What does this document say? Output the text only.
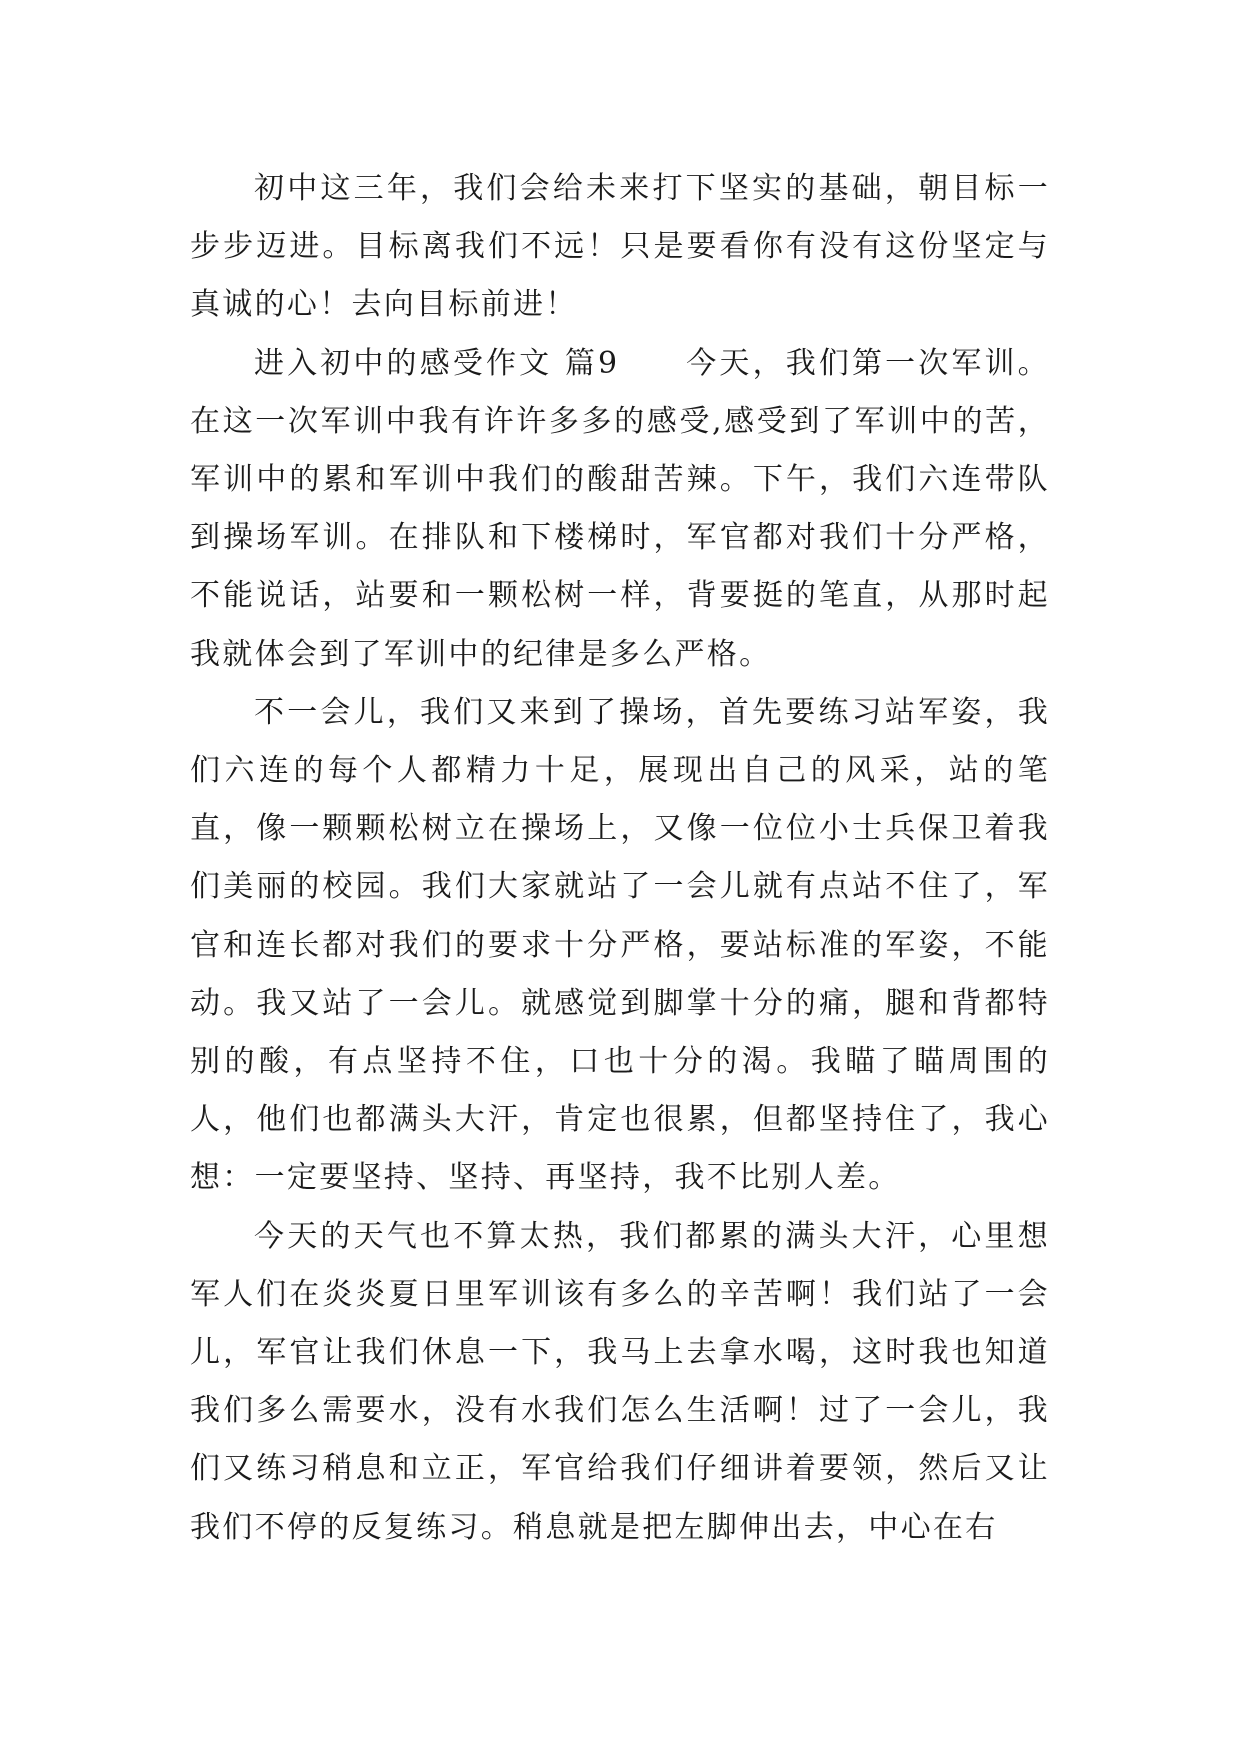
初中这三年，我们会给未来打下坚实的基础，朝目标一步步迈进。目标离我们不远！只是要看你有没有这份坚定与真诚的心！去向目标前进！

进入初中的感受作文 篇9 今天，我们第一次军训。在这一次军训中我有许许多多的感受,感受到了军训中的苦，军训中的累和军训中我们的酸甜苦辣。下午，我们六连带队到操场军训。在排队和下楼梯时，军官都对我们十分严格，不能说话，站要和一颗松树一样，背要挺的笔直，从那时起我就体会到了军训中的纪律是多么严格。

不一会儿，我们又来到了操场，首先要练习站军姿，我们六连的每个人都精力十足，展现出自己的风采，站的笔直，像一颗颗松树立在操场上，又像一位位小士兵保卫着我们美丽的校园。我们大家就站了一会儿就有点站不住了，军官和连长都对我们的要求十分严格，要站标准的军姿，不能动。我又站了一会儿。就感觉到脚掌十分的痛，腿和背都特别的酸，有点坚持不住，口也十分的渴。我瞄了瞄周围的人，他们也都满头大汗，肯定也很累，但都坚持住了，我心想：一定要坚持、坚持、再坚持，我不比别人差。

今天的天气也不算太热，我们都累的满头大汗，心里想军人们在炎炎夏日里军训该有多么的辛苦啊！我们站了一会儿，军官让我们休息一下，我马上去拿水喝，这时我也知道我们多么需要水，没有水我们怎么生活啊！过了一会儿，我们又练习稍息和立正，军官给我们仔细讲着要领，然后又让我们不停的反复练习。稍息就是把左脚伸出去，中心在右
